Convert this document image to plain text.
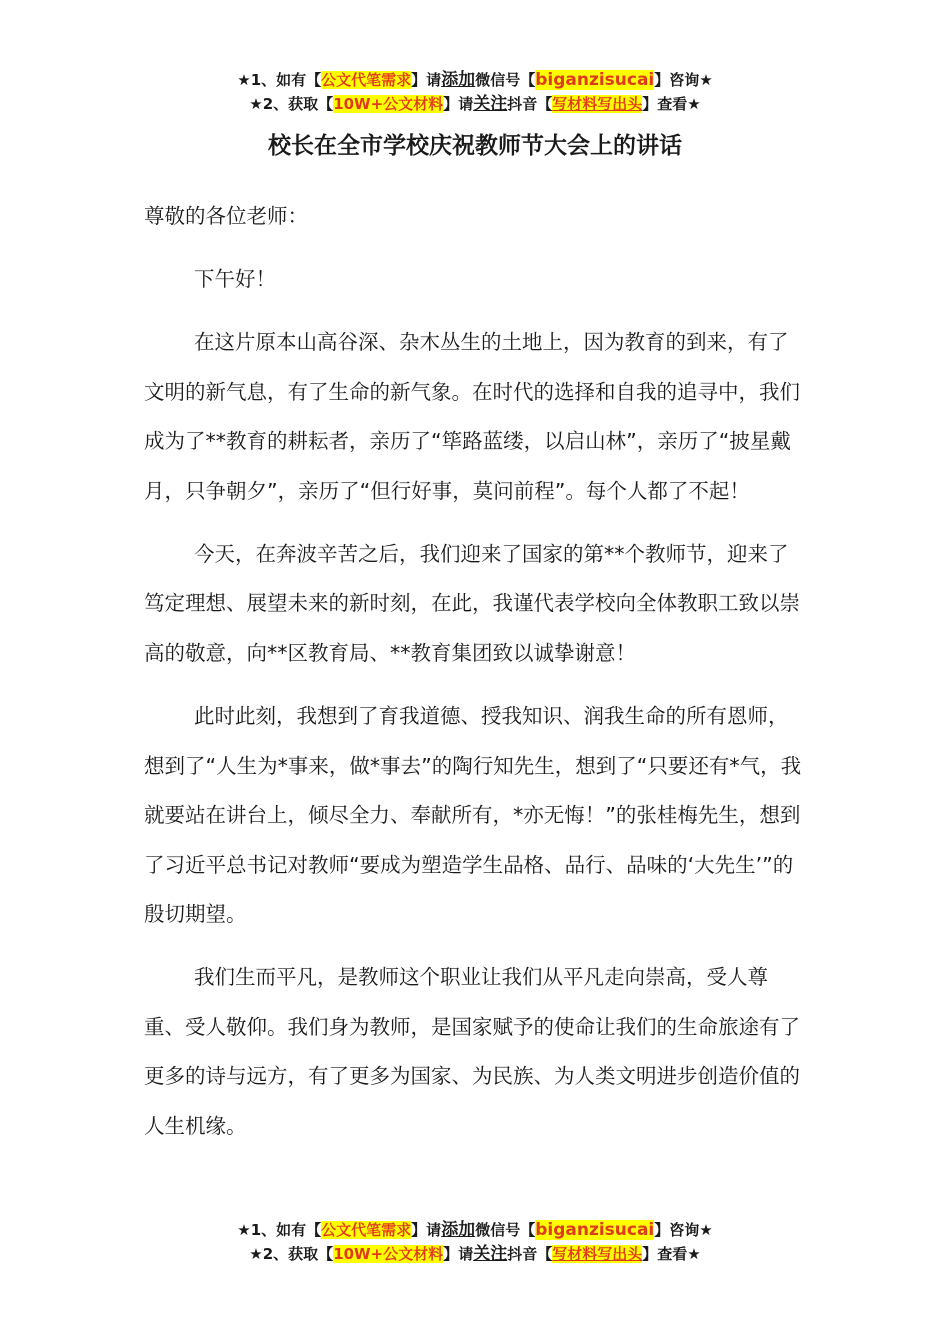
★1、如有【公文代笔需求】请添加微信号【biganzisucai】咨询★
★2、获取【10W+公文材料】请关注抖音【写材料写出头】查看★
校长在全市学校庆祝教师节大会上的讲话

尊敬的各位老师：

下午好！

在这片原本山高谷深、杂木丛生的土地上，因为教育的到来，有了文明的新气息，有了生命的新气象。在时代的选择和自我的追寻中，我们成为了**教育的耕耘者，亲历了“筚路蓝缕，以启山林”，亲历了“披星戴月，只争朝夕”，亲历了“但行好事，莫问前程”。每个人都了不起！

今天，在奔波辛苦之后，我们迎来了国家的第**个教师节，迎来了笃定理想、展望未来的新时刻，在此，我谨代表学校向全体教职工致以崇高的敬意，向**区教育局、**教育集团致以诚挚谢意！

此时此刻，我想到了育我道德、授我知识、润我生命的所有恩师，想到了“人生为*事来，做*事去”的陶行知先生，想到了“只要还有*气，我就要站在讲台上，倾尽全力、奉献所有，*亦无悔！”的张桂梅先生，想到了习近平总书记对教师“要成为塑造学生品格、品行、品味的‘大先生’”的殷切期望。

我们生而平凡，是教师这个职业让我们从平凡走向崇高，受人尊重、受人敬仰。我们身为教师，是国家赋予的使命让我们的生命旅途有了更多的诗与远方，有了更多为国家、为民族、为人类文明进步创造价值的人生机缘。

★1、如有【公文代笔需求】请添加微信号【biganzisucai】咨询★
★2、获取【10W+公文材料】请关注抖音【写材料写出头】查看★
